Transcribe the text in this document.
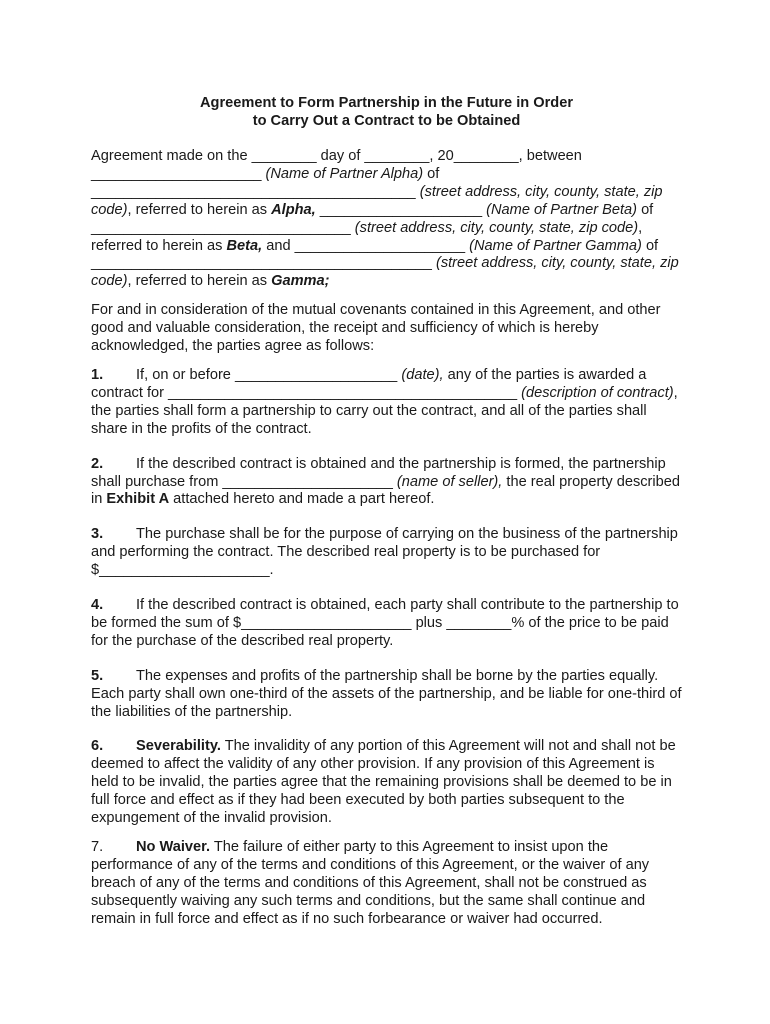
Agreement to Form Partnership in the Future in Order
to Carry Out a Contract to be Obtained

Agreement made on the ________ day of ________, 20________, between _____________________ (Name of Partner Alpha) of ________________________________________ (street address, city, county, state, zip code), referred to herein as Alpha, ____________________ (Name of Partner Beta) of ________________________________ (street address, city, county, state, zip code), referred to herein as Beta, and _____________________ (Name of Partner Gamma) of __________________________________________ (street address, city, county, state, zip code), referred to herein as Gamma;

For and in consideration of the mutual covenants contained in this Agreement, and other good and valuable consideration, the receipt and sufficiency of which is hereby acknowledged, the parties agree as follows:

1. If, on or before ____________________ (date), any of the parties is awarded a contract for ___________________________________________ (description of contract), the parties shall form a partnership to carry out the contract, and all of the parties shall share in the profits of the contract.

2. If the described contract is obtained and the partnership is formed, the partnership shall purchase from _____________________ (name of seller), the real property described in Exhibit A attached hereto and made a part hereof.

3. The purchase shall be for the purpose of carrying on the business of the partnership and performing the contract. The described real property is to be purchased for $_____________________.

4. If the described contract is obtained, each party shall contribute to the partnership to be formed the sum of $_____________________ plus ________% of the price to be paid for the purchase of the described real property.

5. The expenses and profits of the partnership shall be borne by the parties equally. Each party shall own one-third of the assets of the partnership, and be liable for one-third of the liabilities of the partnership.

6. Severability. The invalidity of any portion of this Agreement will not and shall not be deemed to affect the validity of any other provision. If any provision of this Agreement is held to be invalid, the parties agree that the remaining provisions shall be deemed to be in full force and effect as if they had been executed by both parties subsequent to the expungement of the invalid provision.

7. No Waiver. The failure of either party to this Agreement to insist upon the performance of any of the terms and conditions of this Agreement, or the waiver of any breach of any of the terms and conditions of this Agreement, shall not be construed as subsequently waiving any such terms and conditions, but the same shall continue and remain in full force and effect as if no such forbearance or waiver had occurred.
